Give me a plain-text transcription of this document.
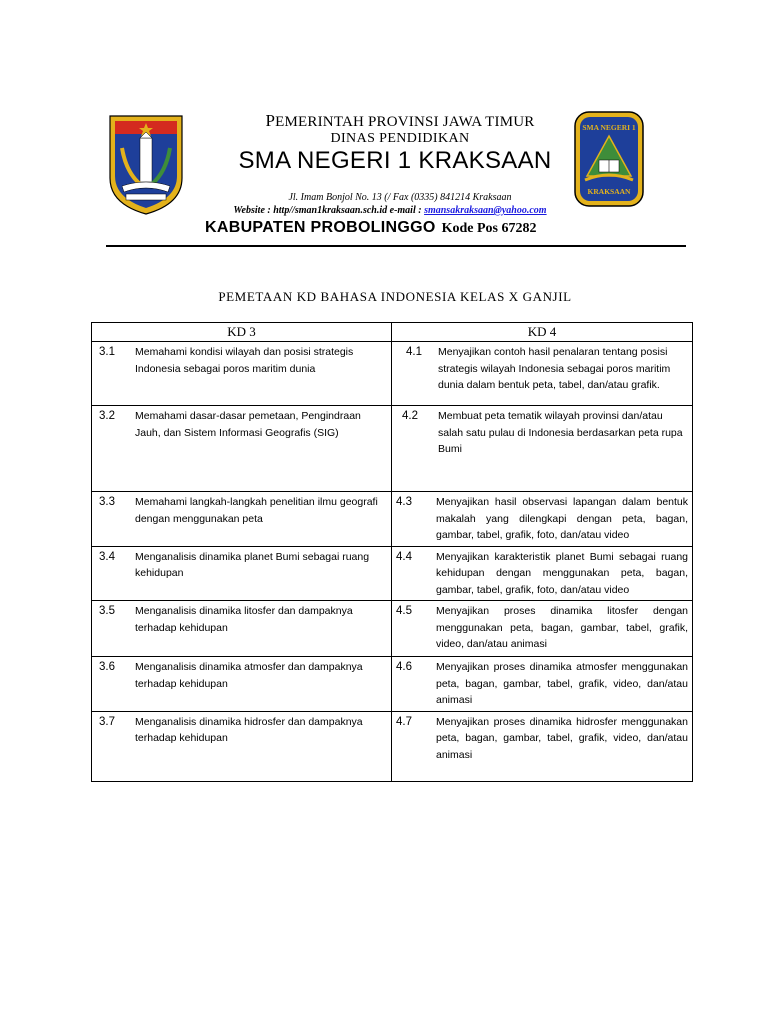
SMA NEGERI 1
KRAKSAAN
PEMERINTAH PROVINSI JAWA TIMUR
DINAS PENDIDIKAN
SMA NEGERI 1 KRAKSAAN
Jl. Imam Bonjol No. 13 (/ Fax (0335) 841214 Kraksaan
Website : http//sman1kraksaan.sch.id e-mail : smansakraksaan@yahoo.com
KABUPATEN PROBOLINGGO Kode Pos 67282
PEMETAAN KD BAHASA INDONESIA KELAS X GANJIL
KD 3	KD 4

3.1 Memahami kondisi wilayah dan posisi strategis Indonesia sebagai poros maritim dunia	4.1 Menyajikan contoh hasil penalaran tentang posisi strategis wilayah Indonesia sebagai poros maritim dunia dalam bentuk peta, tabel, dan/atau grafik.

3.2 Memahami dasar-dasar pemetaan, Pengindraan Jauh, dan Sistem Informasi Geografis (SIG)	4.2 Membuat peta tematik wilayah provinsi dan/atau salah satu pulau di Indonesia berdasarkan peta rupa Bumi

3.3 Memahami langkah-langkah penelitian ilmu geografi dengan menggunakan peta	4.3 Menyajikan hasil observasi lapangan dalam bentuk makalah yang dilengkapi dengan peta, bagan, gambar, tabel, grafik, foto, dan/atau video

3.4 Menganalisis dinamika planet Bumi sebagai ruang kehidupan	4.4 Menyajikan karakteristik planet Bumi sebagai ruang kehidupan dengan menggunakan peta, bagan, gambar, tabel, grafik, foto, dan/atau video

3.5 Menganalisis dinamika litosfer dan dampaknya terhadap kehidupan	4.5 Menyajikan proses dinamika litosfer dengan menggunakan peta, bagan, gambar, tabel, grafik, video, dan/atau animasi

3.6 Menganalisis dinamika atmosfer dan dampaknya terhadap kehidupan	4.6 Menyajikan proses dinamika atmosfer menggunakan peta, bagan, gambar, tabel, grafik, video, dan/atau animasi

3.7 Menganalisis dinamika hidrosfer dan dampaknya terhadap kehidupan	4.7 Menyajikan proses dinamika hidrosfer menggunakan peta, bagan, gambar, tabel, grafik, video, dan/atau animasi
